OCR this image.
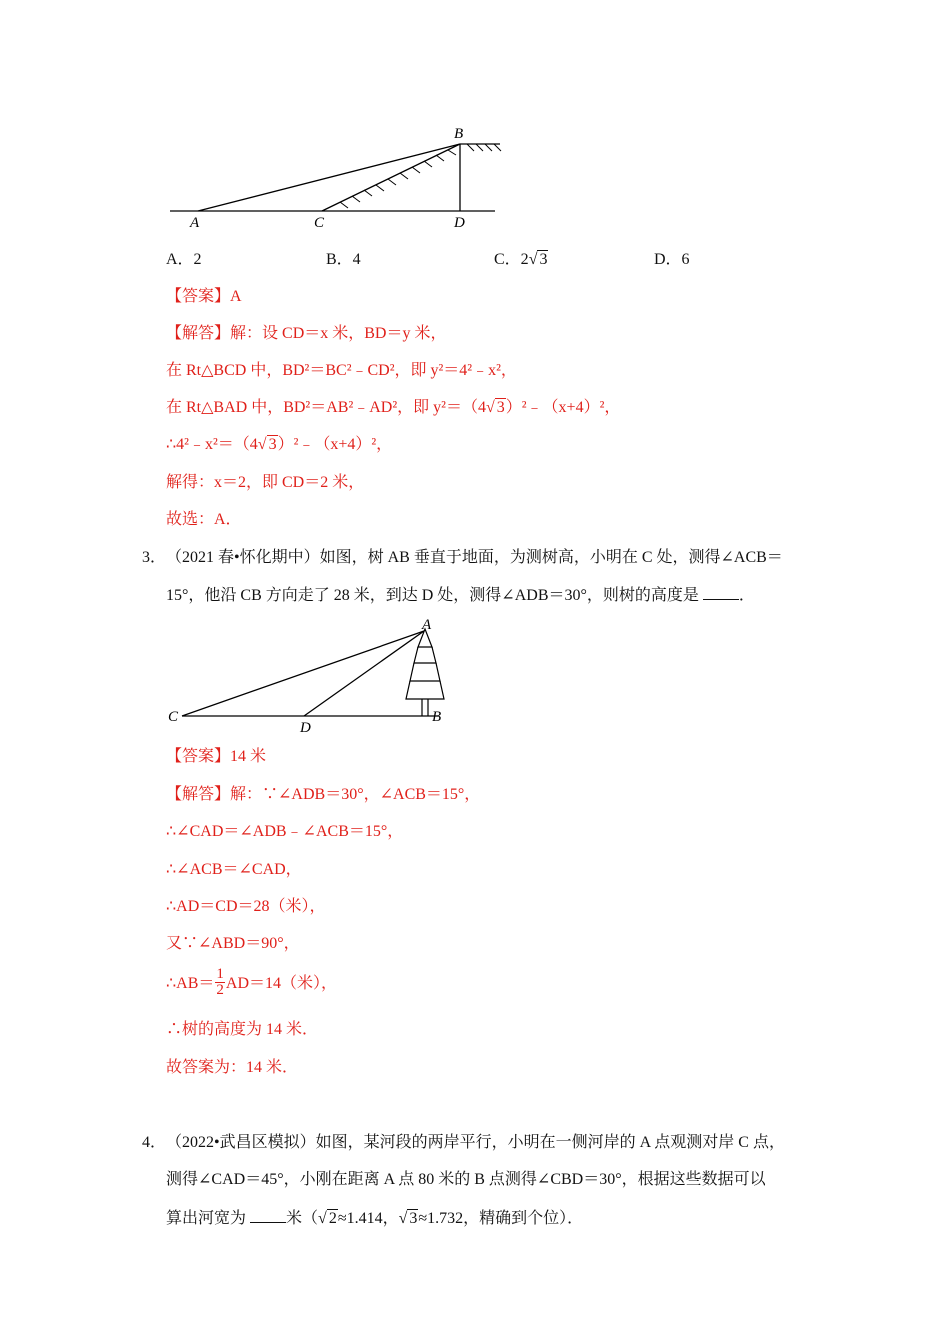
A
B
C	D
A．2	B．4	C．2√ 3	D．6
【答案】A
【解答】解：设 CD＝x 米，BD＝y 米，
在 Rt△BCD 中，BD²＝BC²﹣CD²，即 y²＝4²﹣x²，
在 Rt△BAD 中，BD²＝AB²﹣AD²，即 y²＝（4√ 3）²﹣（x+4）²，
∴4²﹣x²＝（4√ 3）²﹣（x+4）²，
解得：x＝2，即 CD＝2 米，
故选：A．
3． （2021 春•怀化期中）如图，树 AB 垂直于地面，为测树高，小明在 C 处，测得∠ACB＝
15°，他沿 CB 方向走了 28 米，到达 D 处，测得∠ADB＝30°，则树的高度是	．
A
B
C
D
【答案】14 米
【解答】解：∵∠ADB＝30°，∠ACB＝15°，
∴∠CAD＝∠ADB﹣∠ACB＝15°，
∴∠ACB＝∠CAD，
∴AD＝CD＝28（米），
又∵∠ABD＝90°，
∴AB＝ $\frac{1}{2} AD=14$（米），
∴树的高度为 14 米．
故答案为：14 米．
4． （2022•武昌区模拟）如图，某河段的两岸平行，小明在一侧河岸的 A 点观测对岸 C 点，
测得∠CAD＝45°，小刚在距离 A 点 80 米的 B 点测得∠CBD＝30°，根据这些数据可以
算出河宽为	米（√ 2≈1.414，√ 3≈1.732，精确到个位）．
